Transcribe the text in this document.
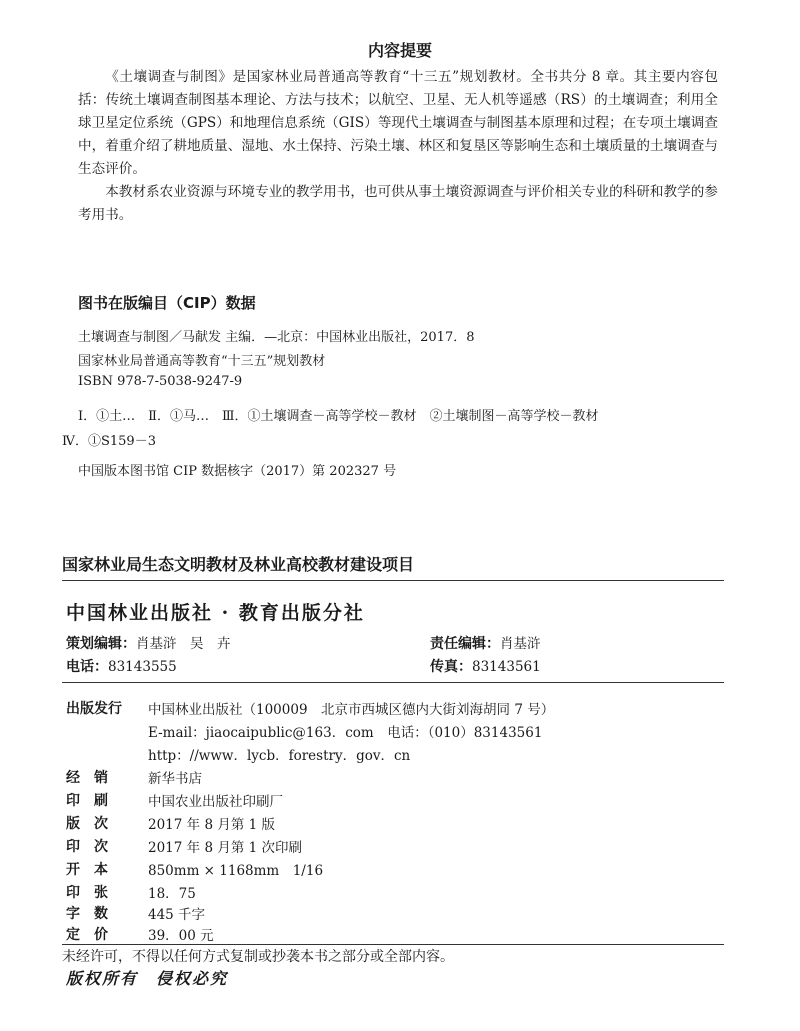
内容提要

《土壤调查与制图》是国家林业局普通高等教育“十三五”规划教材。全书共分 8 章。其主要内容包括：传统土壤调查制图基本理论、方法与技术；以航空、卫星、无人机等遥感（RS）的土壤调查；利用全球卫星定位系统（GPS）和地理信息系统（GIS）等现代土壤调查与制图基本原理和过程；在专项土壤调查中，着重介绍了耕地质量、湿地、水土保持、污染土壤、林区和复垦区等影响生态和土壤质量的土壤调查与生态评价。

本教材系农业资源与环境专业的教学用书，也可供从事土壤资源调查与评价相关专业的科研和教学的参考用书。

图书在版编目（CIP）数据
土壤调查与制图／马献发 主编．—北京：中国林业出版社，2017．8
国家林业局普通高等教育“十三五”规划教材
ISBN 978-7-5038-9247-9
Ⅰ．①土…　Ⅱ．①马…　Ⅲ．①土壤调查－高等学校－教材　②土壤制图－高等学校－教材
Ⅳ．①S159－3
中国版本图书馆 CIP 数据核字（2017）第 202327 号
国家林业局生态文明教材及林业高校教材建设项目
中国林业出版社 · 教育出版分社
策划编辑：肖基浒　吴　卉	责任编辑：肖基浒
电话：83143555	传真：83143561
出版发行	中国林业出版社（100009　北京市西城区德内大街刘海胡同 7 号）
E-mail：jiaocaipublic@163．com　电话：（010）83143561
http：//www．lycb．forestry．gov．cn
经　销	新华书店
印　刷	中国农业出版社印刷厂
版　次	2017 年 8 月第 1 版
印　次	2017 年 8 月第 1 次印刷
开　本	850mm × 1168mm　1/16
印　张	18．75
字　数	445 千字
定　价	39．00 元
未经许可，不得以任何方式复制或抄袭本书之部分或全部内容。
版权所有　侵权必究
